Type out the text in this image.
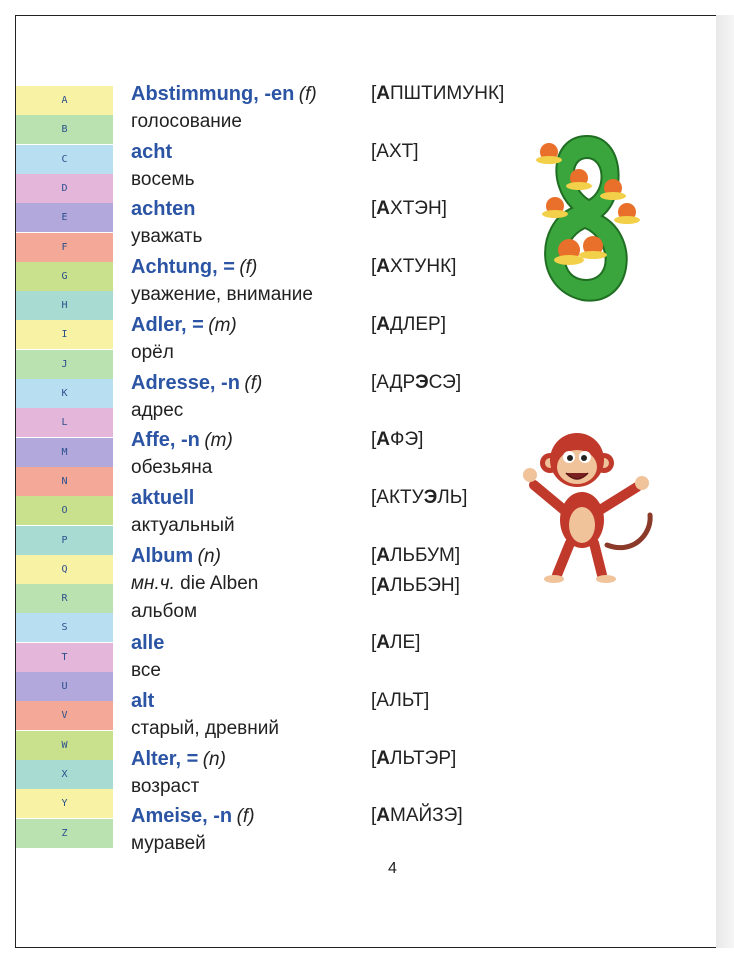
A
B
C
D
E
F
G
H
I
J
K
L
M
N
O
P
Q
R
S
T
U
V
W
X
Y
Z
Abstimmung, -en (f)
голосование
[АПШТИМУНК]
acht
восемь
[АХТ]
achten
уважать
[АХТЭН]
Achtung, = (f)
уважение, внимание
[АХТУНК]
Adler, = (m)
орёл
[АДЛЕР]
Adresse, -n (f)
адрес
[АДРЭСЭ]
Affe, -n (m)
обезьяна
[АФЭ]
aktuell
актуальный
[АКТУЭЛЬ]
Album (n)
мн.ч. die Alben
альбом
[АЛЬБУМ]
[АЛЬБЭН]
alle
все
[АЛЕ]
alt
старый, древний
[АЛЬТ]
Alter, = (n)
возраст
[АЛЬТЭР]
Ameise, -n (f)
муравей
[АМАЙЗЭ]
4
